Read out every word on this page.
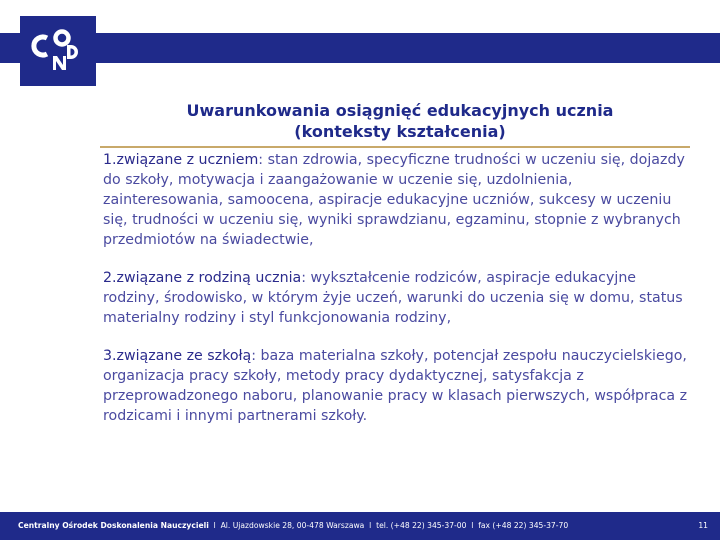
Uwarunkowania osiągnięć edukacyjnych ucznia
(konteksty kształcenia)

1.związane z uczniem: stan zdrowia, specyficzne trudności w uczeniu się, dojazdy do szkoły, motywacja i zaangażowanie w uczenie się, uzdolnienia, zainteresowania, samoocena, aspiracje edukacyjne uczniów, sukcesy w uczeniu się, trudności w uczeniu się, wyniki sprawdzianu, egzaminu, stopnie z wybranych przedmiotów na świadectwie,

2.związane z rodziną ucznia: wykształcenie rodziców, aspiracje edukacyjne rodziny, środowisko, w którym żyje uczeń, warunki do uczenia się w domu, status materialny rodziny i styl funkcjonowania rodziny,

3.związane ze szkołą: baza materialna szkoły, potencjał zespołu nauczycielskiego, organizacja pracy szkoły, metody pracy dydaktycznej, satysfakcja z przeprowadzonego naboru, planowanie pracy w klasach pierwszych, współpraca z rodzicami i innymi partnerami szkoły.

Centralny Ośrodek Doskonalenia Nauczycieli  l  Al. Ujazdowskie 28, 00-478 Warszawa  l  tel. (+48 22) 345-37-00  l  fax (+48 22) 345-37-70	11
